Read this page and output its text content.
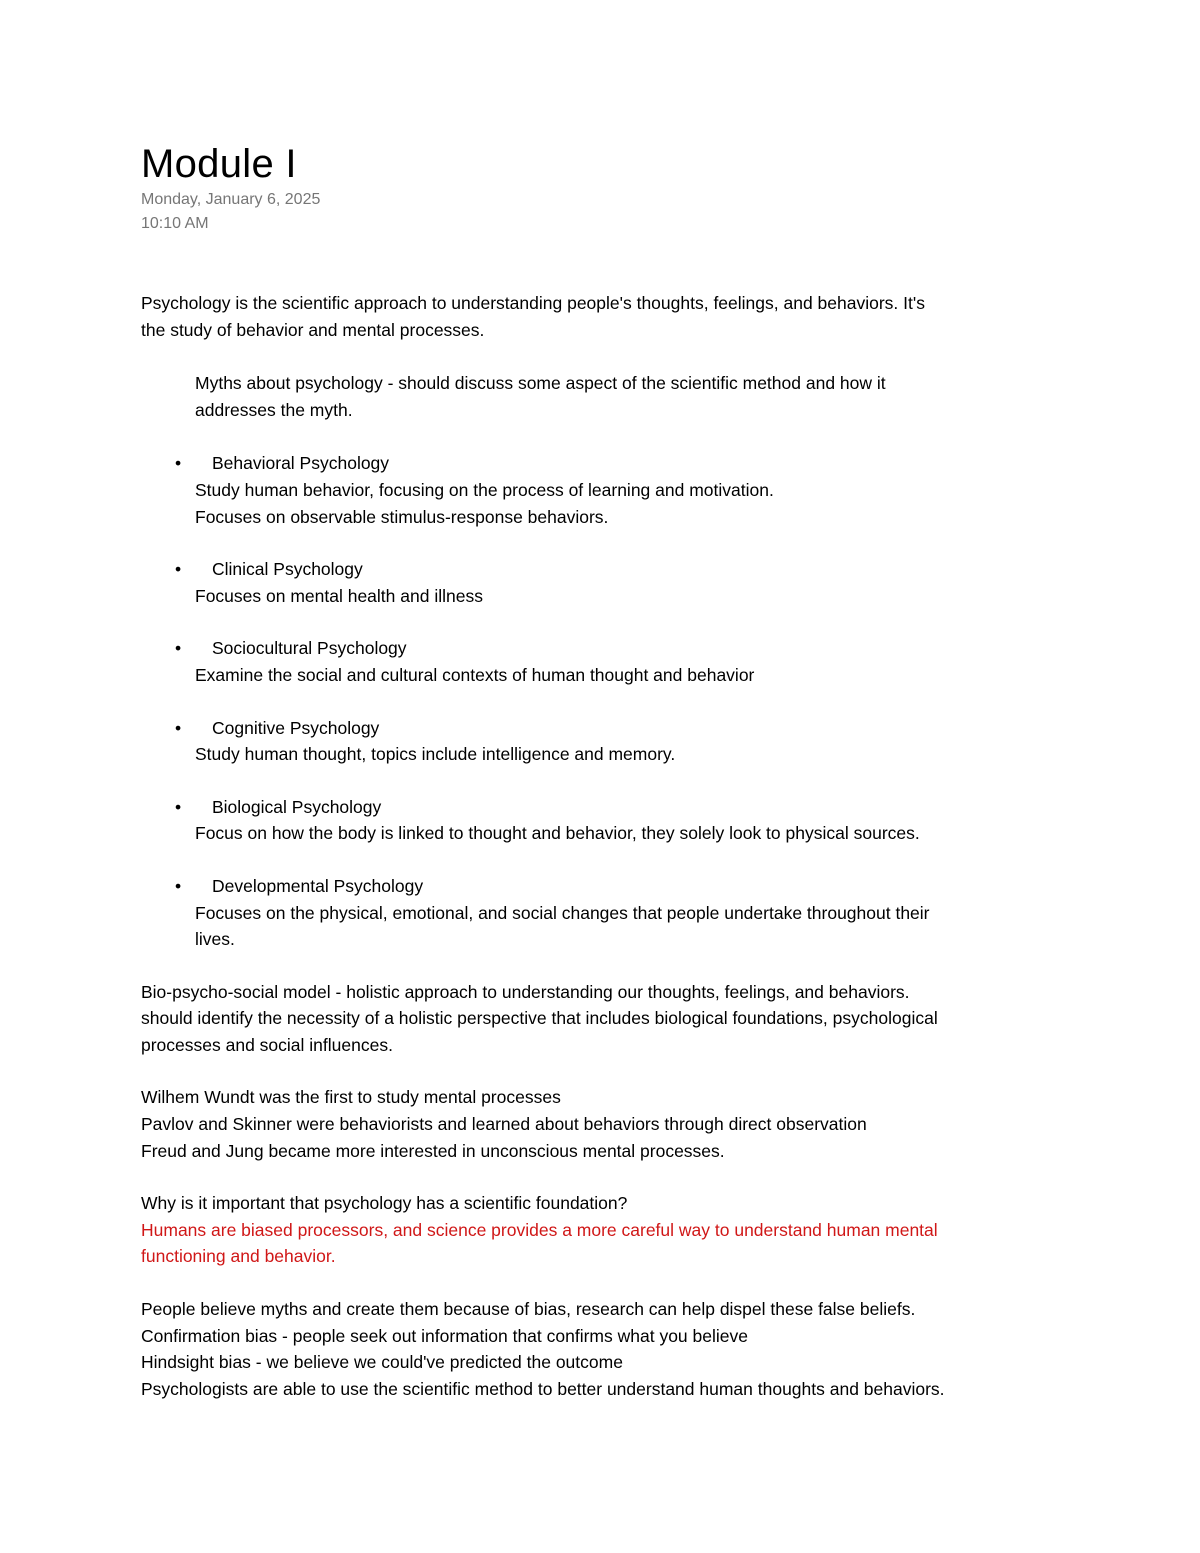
Module I
Monday, January 6, 2025
10:10 AM
Psychology is the scientific approach to understanding people's thoughts, feelings, and behaviors. It's
the study of behavior and mental processes.
Myths about psychology - should discuss some aspect of the scientific method and how it
addresses the myth.
•	Behavioral Psychology
Study human behavior, focusing on the process of learning and motivation.
Focuses on observable stimulus-response behaviors.
•	Clinical Psychology
Focuses on mental health and illness
•	Sociocultural Psychology
Examine the social and cultural contexts of human thought and behavior
•	Cognitive Psychology
Study human thought, topics include intelligence and memory.
•	Biological Psychology
Focus on how the body is linked to thought and behavior, they solely look to physical sources.
•	Developmental Psychology
Focuses on the physical, emotional, and social changes that people undertake throughout their
lives.
Bio-psycho-social model - holistic approach to understanding our thoughts, feelings, and behaviors.
should identify the necessity of a holistic perspective that includes biological foundations, psychological
processes and social influences.
Wilhem Wundt was the first to study mental processes
Pavlov and Skinner were behaviorists and learned about behaviors through direct observation
Freud and Jung became more interested in unconscious mental processes.
Why is it important that psychology has a scientific foundation?
Humans are biased processors, and science provides a more careful way to understand human mental
functioning and behavior.
People believe myths and create them because of bias, research can help dispel these false beliefs.
Confirmation bias - people seek out information that confirms what you believe
Hindsight bias - we believe we could've predicted the outcome
Psychologists are able to use the scientific method to better understand human thoughts and behaviors.
